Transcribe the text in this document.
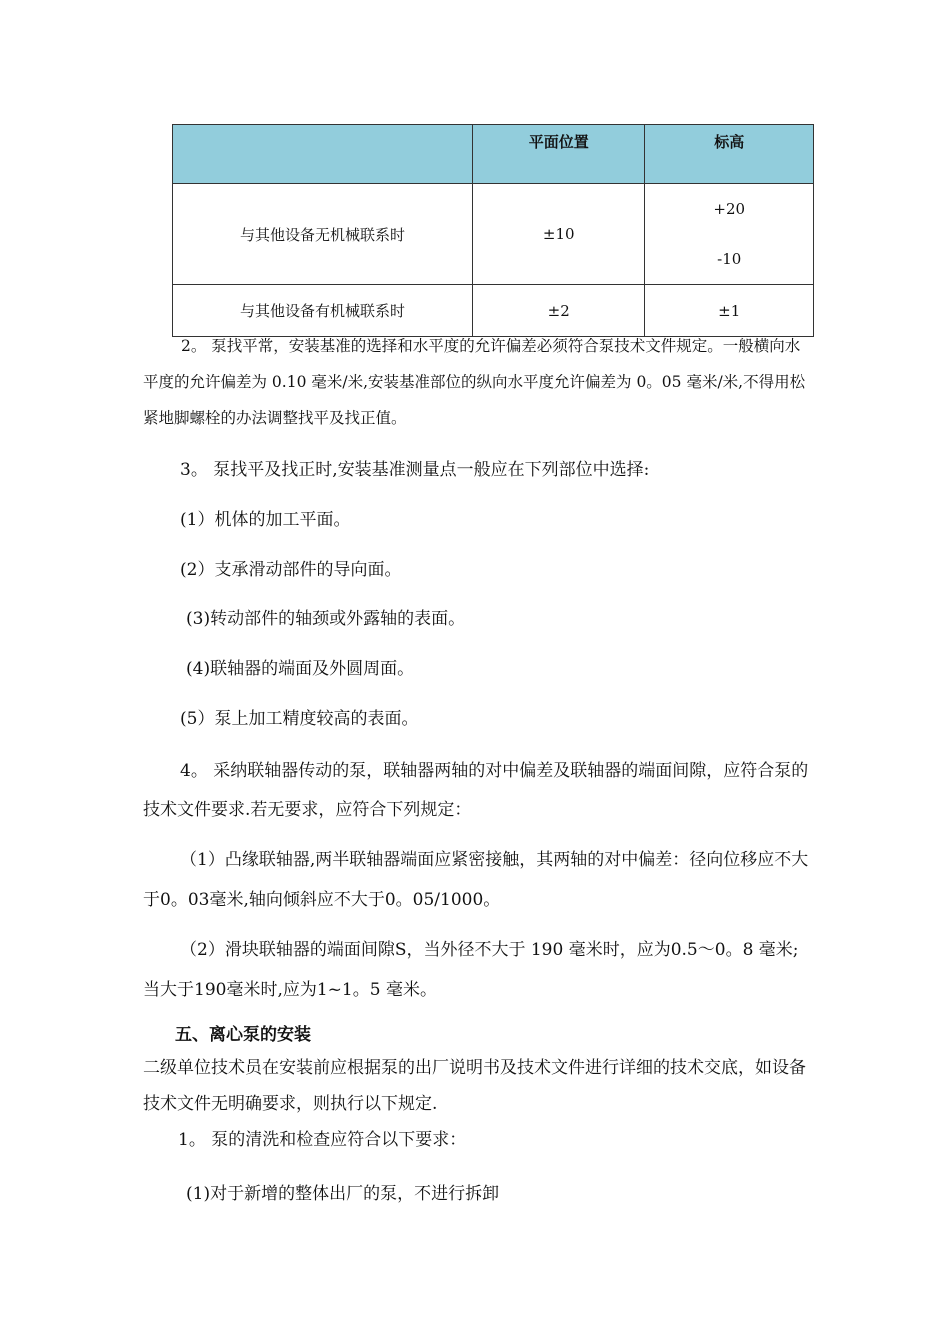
	平面位置	标高
与其他设备无机械联系时	±10	+20
-10

与其他设备有机械联系时	±2	±1
2。 泵找平常，安装基准的选择和水平度的允许偏差必须符合泵技术文件规定。一般横向水平度的允许偏差为 0.10 毫米/米,安装基准部位的纵向水平度允许偏差为 0。05 毫米/米,不得用松紧地脚螺栓的办法调整找平及找正值。
3。 泵找平及找正时,安装基准测量点一般应在下列部位中选择:
(1）机体的加工平面。
(2）支承滑动部件的导向面。
(3)转动部件的轴颈或外露轴的表面。
(4)联轴器的端面及外圆周面。
(5）泵上加工精度较高的表面。
4。 采纳联轴器传动的泵，联轴器两轴的对中偏差及联轴器的端面间隙，应符合泵的技术文件要求.若无要求，应符合下列规定：
（1）凸缘联轴器,两半联轴器端面应紧密接触，其两轴的对中偏差：径向位移应不大于0。03毫米,轴向倾斜应不大于0。05/1000。
（2）滑块联轴器的端面间隙S，当外径不大于 190 毫米时，应为0.5～0。8 毫米;当大于190毫米时,应为1~1。5 毫米。
五、离心泵的安装
二级单位技术员在安装前应根据泵的出厂说明书及技术文件进行详细的技术交底，如设备技术文件无明确要求，则执行以下规定.
1。 泵的清洗和检查应符合以下要求：
(1)对于新增的整体出厂的泵，不进行拆卸
